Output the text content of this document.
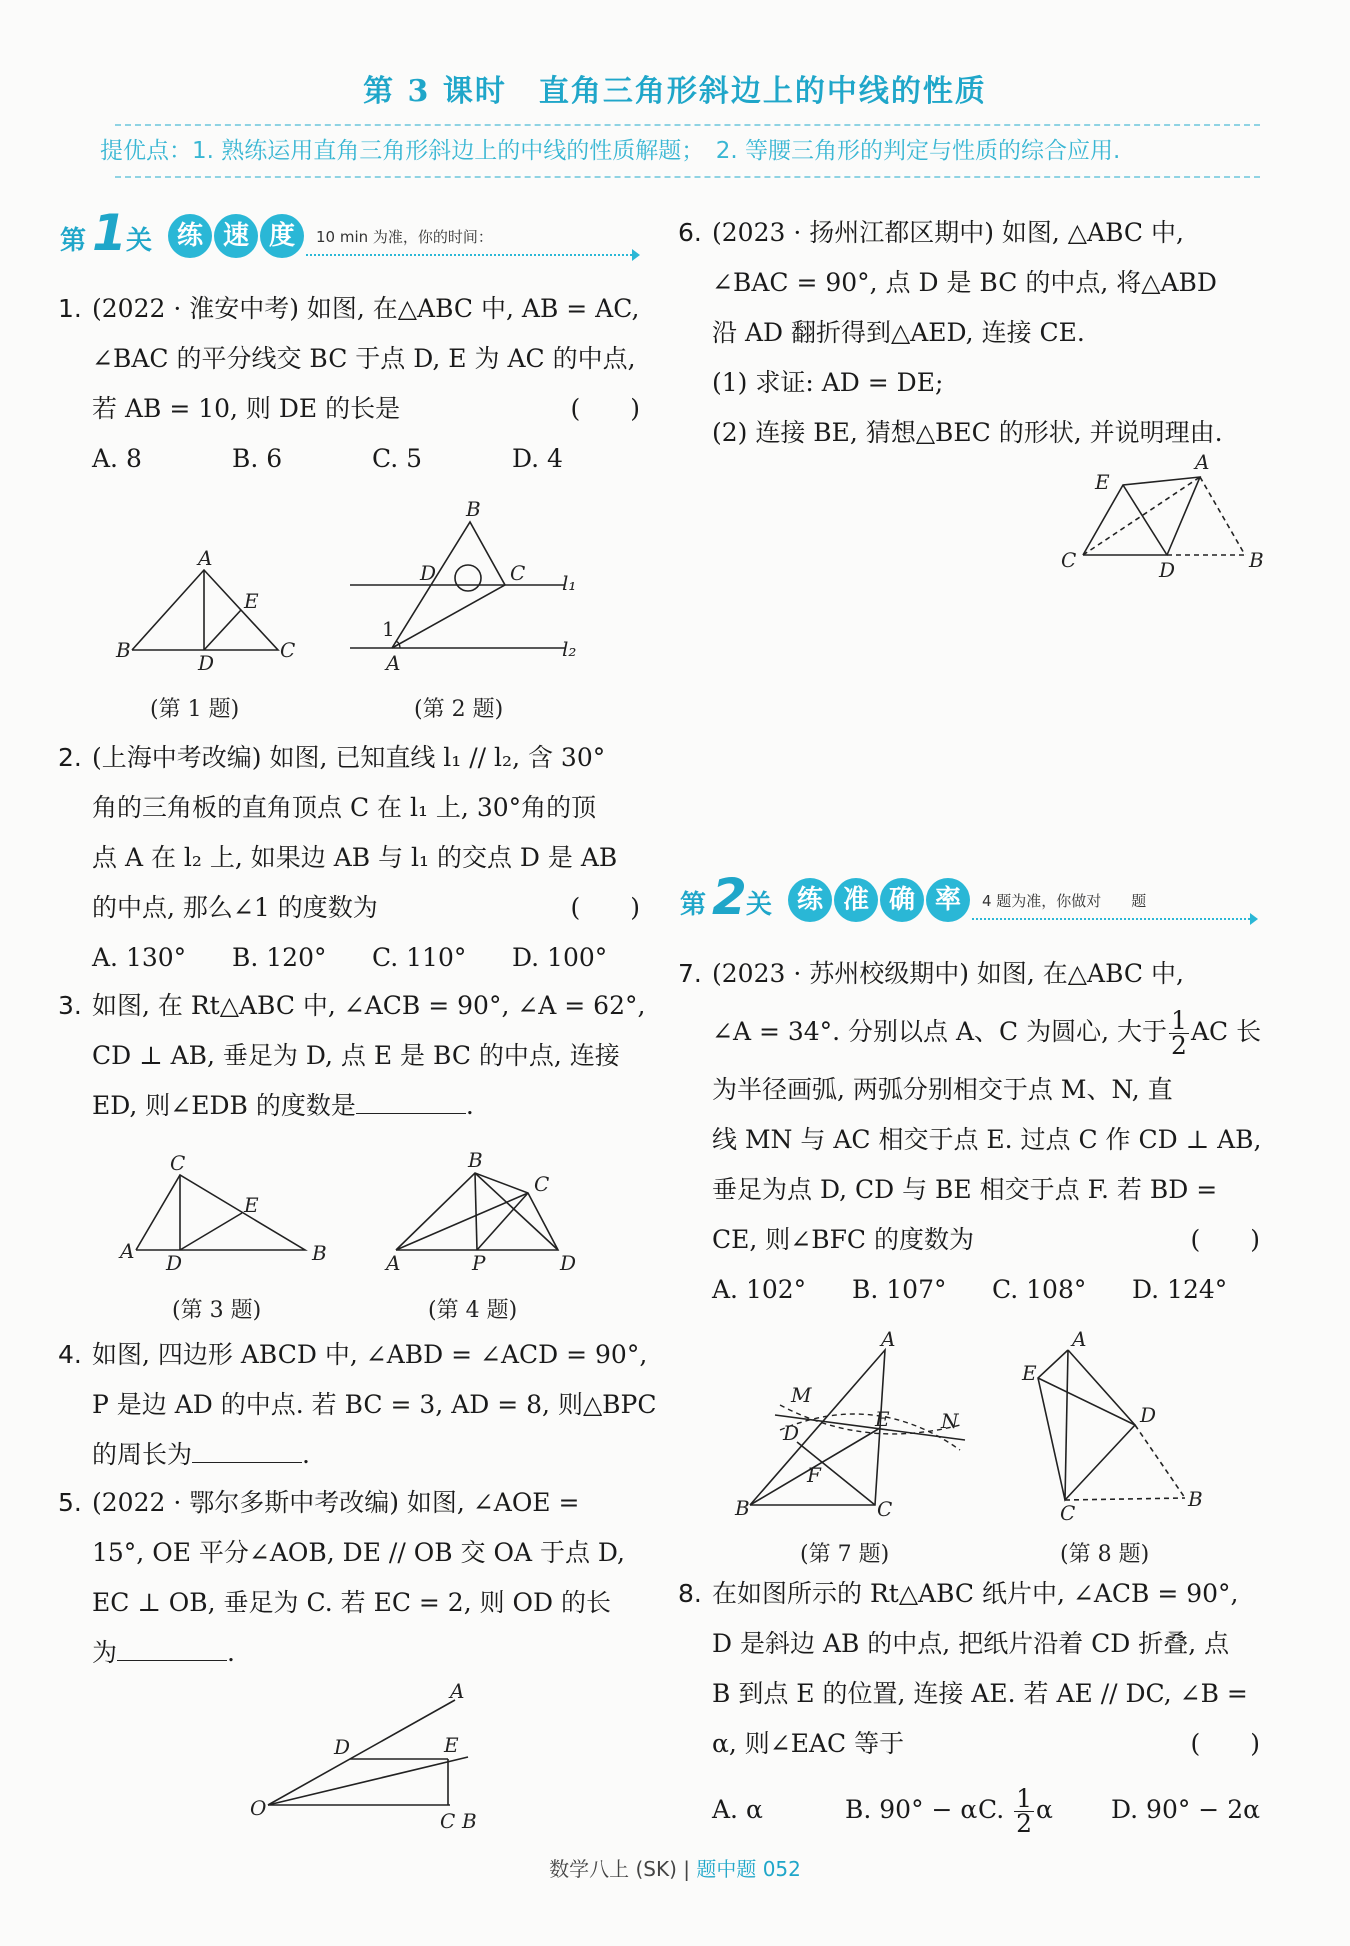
第 3 课时　直角三角形斜边上的中线的性质
提优点：1. 熟练运用直角三角形斜边上的中线的性质解题；　2. 等腰三角形的判定与性质的综合应用.
第 1 关 练 速 度	10 min 为准，你的时间：
1. (2022 · 淮安中考) 如图, 在△ABC 中, AB = AC,
∠BAC 的平分线交 BC 于点 D, E 为 AC 的中点,
若 AB = 10, 则 DE 的长是	(　　)
A. 8	B. 6	C. 5	D. 4
A
B	C
D
E
(第 1 题)
B
D	C
A
1
l₁
l₂
(第 2 题)
2. (上海中考改编) 如图, 已知直线 l₁ // l₂, 含 30°
角的三角板的直角顶点 C 在 l₁ 上, 30°角的顶
点 A 在 l₂ 上, 如果边 AB 与 l₁ 的交点 D 是 AB
的中点, 那么∠1 的度数为	(　　)
A. 130°	B. 120°	C. 110°	D. 100°
3. 如图, 在 Rt△ABC 中, ∠ACB = 90°, ∠A = 62°,
CD ⊥ AB, 垂足为 D, 点 E 是 BC 的中点, 连接
ED, 则∠EDB 的度数是	.
C
E
A D	B
(第 3 题)
B
C
A	P	D
(第 4 题)
4. 如图, 四边形 ABCD 中, ∠ABD = ∠ACD = 90°,
P 是边 AD 的中点. 若 BC = 3, AD = 8, 则△BPC
的周长为	.
5. (2022 · 鄂尔多斯中考改编) 如图, ∠AOE =
15°, OE 平分∠AOB, DE // OB 交 OA 于点 D,
EC ⊥ OB, 垂足为 C. 若 EC = 2, 则 OD 的长
为	.
A
D	E
O
C B
6. (2023 · 扬州江都区期中) 如图, △ABC 中,
∠BAC = 90°, 点 D 是 BC 的中点, 将△ABD
沿 AD 翻折得到△AED, 连接 CE.
(1) 求证: AD = DE;
(2) 连接 BE, 猜想△BEC 的形状, 并说明理由.
E
A
C	D	B
第 2 关 练 准 确 率	4 题为准，你做对　　题
7. (2023 · 苏州校级期中) 如图, 在△ABC 中,
∠A = 34°. 分别以点 A、C 为圆心, 大于 $\frac{1}{2}AC$ 长
为半径画弧, 两弧分别相交于点 M、N, 直
线 MN 与 AC 相交于点 E. 过点 C 作 CD ⊥ AB,
垂足为点 D, CD 与 BE 相交于点 F. 若 BD =
CE, 则∠BFC 的度数为	(　　)
A. 102°	B. 107°	C. 108°	D. 124°
A
M
E	N
D
F
B	C
(第 7 题)
A
E
D
C
B
(第 8 题)
8. 在如图所示的 Rt△ABC 纸片中, ∠ACB = 90°,
D 是斜边 AB 的中点, 把纸片沿着 CD 折叠, 点
B 到点 E 的位置, 连接 AE. 若 AE // DC, ∠B =
α, 则∠EAC 等于	(　　)
A. α	B. 90° − α C. $\frac{1}{2}\alpha$	D. 90° − 2α
数学八上 (SK) | 题中题 052
